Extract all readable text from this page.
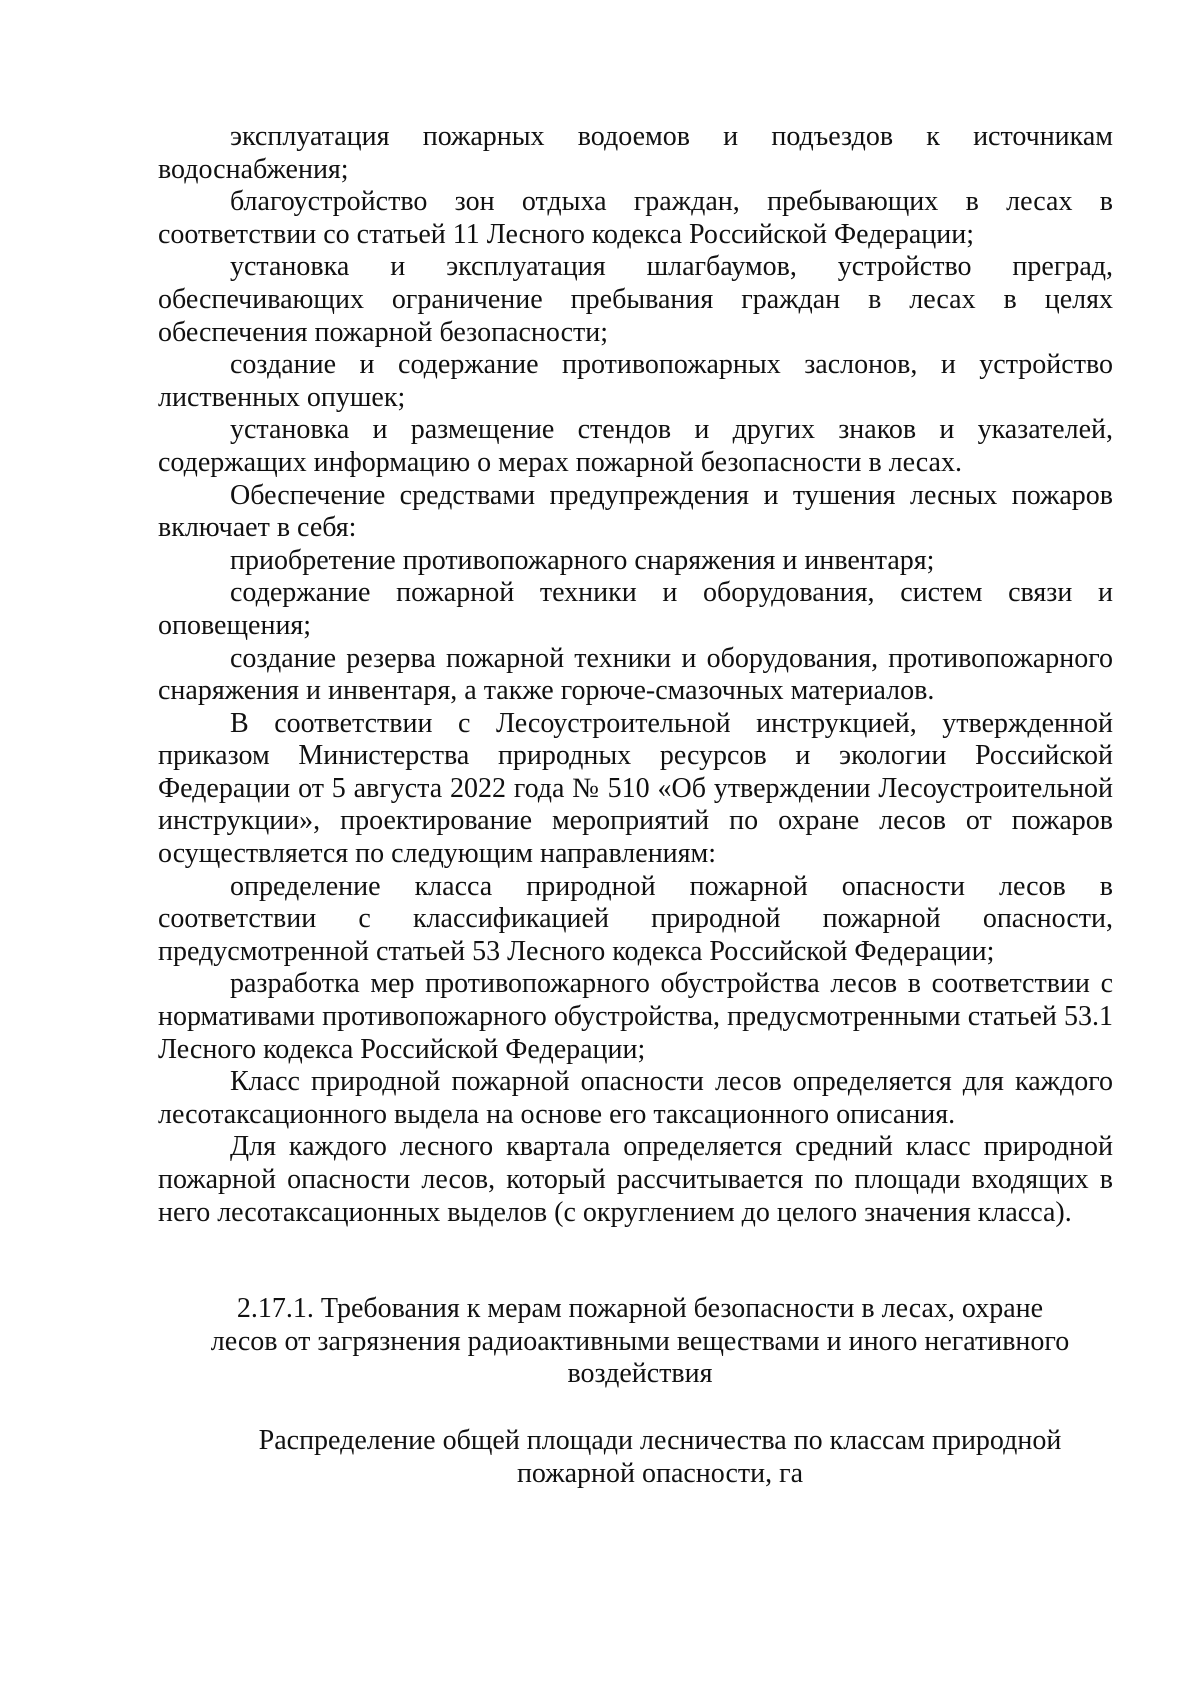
эксплуатация пожарных водоемов и подъездов к источникам водоснабжения;

благоустройство зон отдыха граждан, пребывающих в лесах в соответствии со статьей 11 Лесного кодекса Российской Федерации;

установка и эксплуатация шлагбаумов, устройство преград, обеспечивающих ограничение пребывания граждан в лесах в целях обеспечения пожарной безопасности;

создание и содержание противопожарных заслонов, и устройство лиственных опушек;

установка и размещение стендов и других знаков и указателей, содержащих информацию о мерах пожарной безопасности в лесах.

Обеспечение средствами предупреждения и тушения лесных пожаров включает в себя:

приобретение противопожарного снаряжения и инвентаря;

содержание пожарной техники и оборудования, систем связи и оповещения;

создание резерва пожарной техники и оборудования, противопожарного снаряжения и инвентаря, а также горюче-смазочных материалов.

В соответствии с Лесоустроительной инструкцией, утвержденной приказом Министерства природных ресурсов и экологии Российской Федерации от 5 августа 2022 года № 510 «Об утверждении Лесоустроительной инструкции», проектирование мероприятий по охране лесов от пожаров осуществляется по следующим направлениям:

определение класса природной пожарной опасности лесов в соответствии с классификацией природной пожарной опасности, предусмотренной статьей 53 Лесного кодекса Российской Федерации;

разработка мер противопожарного обустройства лесов в соответствии с нормативами противопожарного обустройства, предусмотренными статьей 53.1 Лесного кодекса Российской Федерации;

Класс природной пожарной опасности лесов определяется для каждого лесотаксационного выдела на основе его таксационного описания.

Для каждого лесного квартала определяется средний класс природной пожарной опасности лесов, который рассчитывается по площади входящих в него лесотаксационных выделов (с округлением до целого значения класса).

2.17.1. Требования к мерам пожарной безопасности в лесах, охране
лесов от загрязнения радиоактивными веществами и иного негативного
воздействия
Распределение общей площади лесничества по классам природной
пожарной опасности, га
